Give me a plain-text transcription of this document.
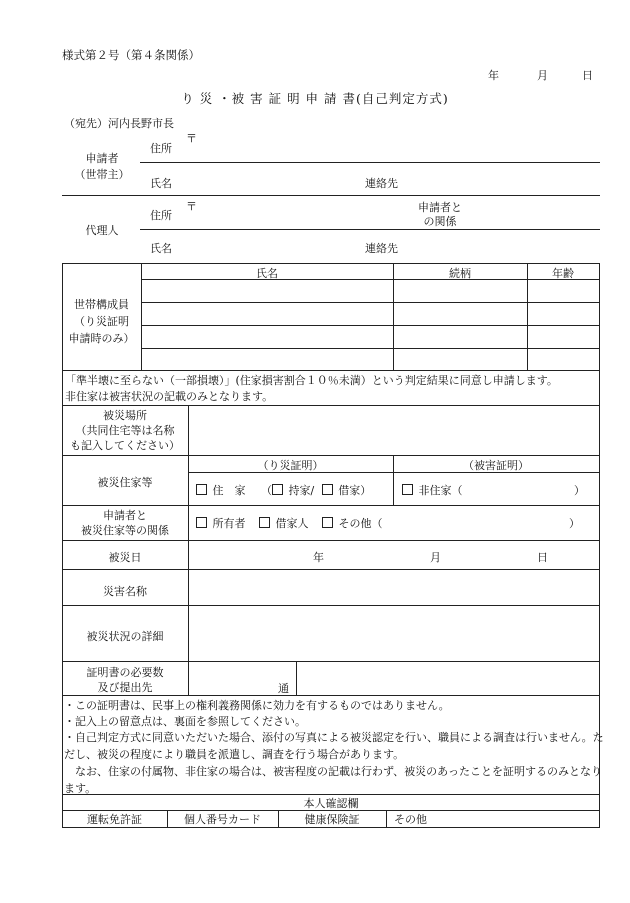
様式第２号（第４条関係）
年	月	日
り 災 ・被 害 証 明 申 請 書(自己判定方式)
（宛先）河内長野市長
申請者
（世帯主）
〒
住所
氏名	連絡先
代理人
〒
住所
申請者と
の関係
氏名	連絡先
氏名	続柄	年齢
世帯構成員
（り災証明
申請時のみ）
「準半壊に至らない（一部損壊）」(住家損害割合１０％未満）という判定結果に同意し申請します。
非住家は被害状況の記載のみとなります。
被災場所
（共同住宅等は名称
も記入してください）
被災住家等
（り災証明）	（被害証明）
住　家 （ 持家/ 借家）	非住家（	）
申請者と
被災住家等の関係
所有者	借家人	その他（	）
被災日	年	月	日
災害名称
被災状況の詳細
証明書の必要数
及び提出先	通
・この証明書は、民事上の権利義務関係に効力を有するものではありません。
・記入上の留意点は、裏面を参照してください。
・自己判定方式に同意いただいた場合、添付の写真による被災認定を行い、職員による調査は行いません。ただし、被災の程度により職員を派遣し、調査を行う場合があります。
　なお、住家の付属物、非住家の場合は、被害程度の記載は行わず、被災のあったことを証明するのみとなります。
本人確認欄
運転免許証	個人番号カード	健康保険証	その他
